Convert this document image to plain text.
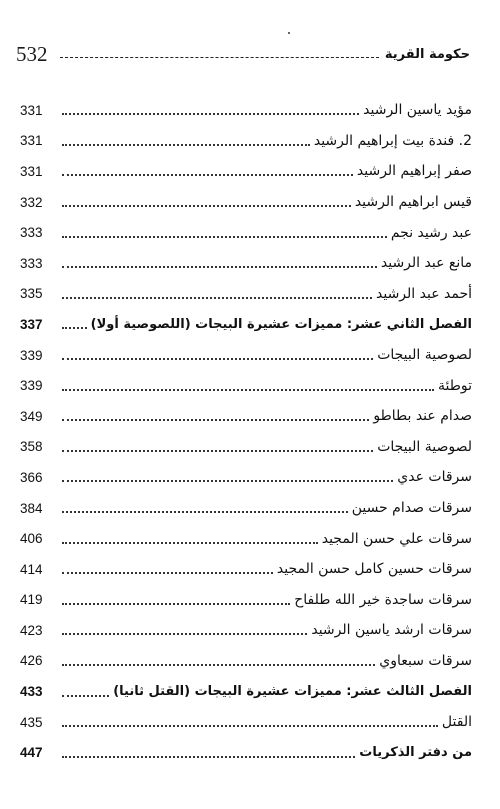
532	حكومة القرية
331	مؤيد ياسين الرشيد
331	2. فندة بيت إبراهيم الرشيد
331	صفر إبراهيم الرشيد
332	قيس ابراهيم الرشيد
333	عبد رشيد نجم
333	مانع عبد الرشيد
335	أحمد عبد الرشيد
337	الفصل الثاني عشر: مميزات عشيرة البيجات (اللصوصية أولا)
339	لصوصية البيجات
339	توطئة
349	صدام عند بطاطو
358	لصوصية البيجات
366	سرقات عدي
384	سرقات صدام حسين
406	سرقات علي حسن المجيد
414	سرقات حسين كامل حسن المجيد
419	سرقات ساجدة خير الله طلفاح
423	سرقات ارشد ياسين الرشيد
426	سرقات سبعاوي
433	الفصل الثالث عشر: مميزات عشيرة البيجات (القتل ثانيا)
435	القتل
447	من دفتر الذكريات
